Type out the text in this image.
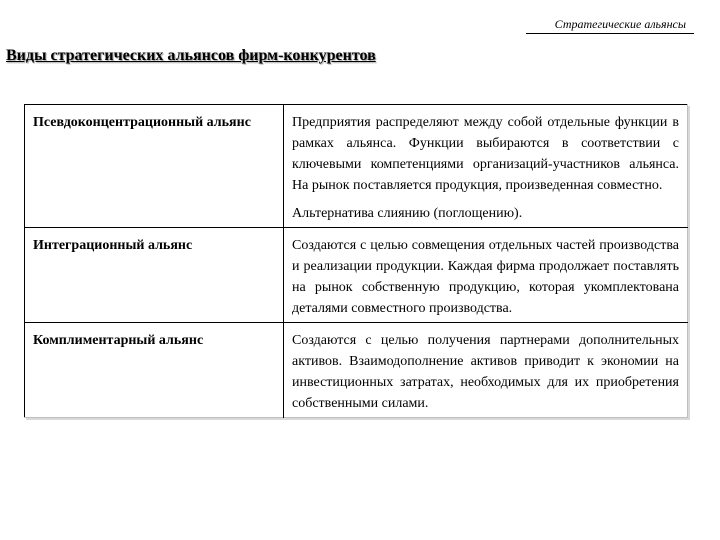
Стратегические альянсы
Виды стратегических альянсов фирм-конкурентов
Псевдоконцентрационный альянс	Предприятия распределяют между собой отдельные функции в рамках альянса. Функции выбираются в соответствии с ключевыми компетенциями организаций-участников альянса. На рынок поставляется продукция, произведенная совместно.
Альтернатива слиянию (поглощению).

Интеграционный альянс	Создаются с целью совмещения отдельных частей производства и реализации продукции. Каждая фирма продолжает поставлять на рынок собственную продукцию, которая укомплектована деталями совместного производства.
Комплиментарный альянс	Создаются с целью получения партнерами дополнительных активов. Взаимодополнение активов приводит к экономии на инвестиционных затратах, необходимых для их приобретения собственными силами.
